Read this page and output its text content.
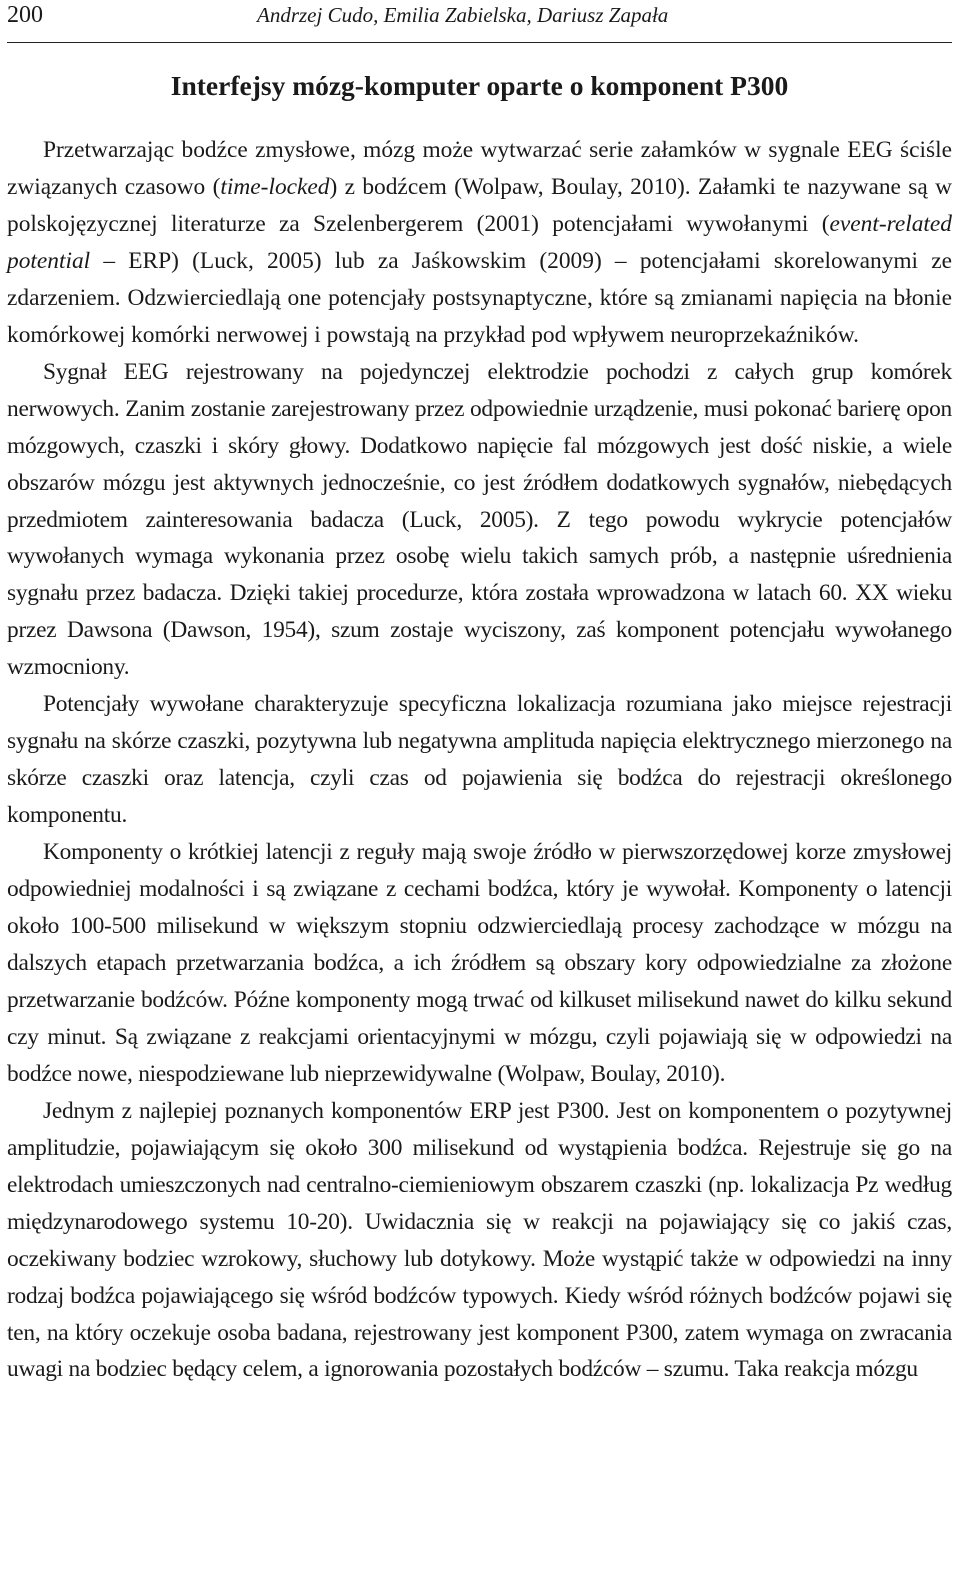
200	Andrzej Cudo, Emilia Zabielska, Dariusz Zapała
Interfejsy mózg-komputer oparte o komponent P300

Przetwarzając bodźce zmysłowe, mózg może wytwarzać serie załamków w sygnale EEG ściśle związanych czasowo (time-locked) z bodźcem (Wolpaw, Boulay, 2010). Załamki te nazywane są w polskojęzycznej literaturze za Szelenbergerem (2001) potencjałami wywołanymi (event-related potential – ERP) (Luck, 2005) lub za Jaśkowskim (2009) – potencjałami skorelowanymi ze zdarzeniem. Odzwierciedlają one potencjały postsynaptyczne, które są zmianami napięcia na błonie komórkowej komórki nerwowej i powstają na przykład pod wpływem neuroprzekaźników.

Sygnał EEG rejestrowany na pojedynczej elektrodzie pochodzi z całych grup komórek nerwowych. Zanim zostanie zarejestrowany przez odpowiednie urządzenie, musi pokonać barierę opon mózgowych, czaszki i skóry głowy. Dodatkowo napięcie fal mózgowych jest dość niskie, a wiele obszarów mózgu jest aktywnych jednocześnie, co jest źródłem dodatkowych sygnałów, niebędących przedmiotem zainteresowania badacza (Luck, 2005). Z tego powodu wykrycie potencjałów wywołanych wymaga wykonania przez osobę wielu takich samych prób, a następnie uśrednienia sygnału przez badacza. Dzięki takiej procedurze, która została wprowadzona w latach 60. XX wieku przez Dawsona (Dawson, 1954), szum zostaje wyciszony, zaś komponent potencjału wywołanego wzmocniony.

Potencjały wywołane charakteryzuje specyficzna lokalizacja rozumiana jako miejsce rejestracji sygnału na skórze czaszki, pozytywna lub negatywna amplituda napięcia elektrycznego mierzonego na skórze czaszki oraz latencja, czyli czas od pojawienia się bodźca do rejestracji określonego komponentu.

Komponenty o krótkiej latencji z reguły mają swoje źródło w pierwszorzędowej korze zmysłowej odpowiedniej modalności i są związane z cechami bodźca, który je wywołał. Komponenty o latencji około 100-500 milisekund w większym stopniu odzwierciedlają procesy zachodzące w mózgu na dalszych etapach przetwarzania bodźca, a ich źródłem są obszary kory odpowiedzialne za złożone przetwarzanie bodźców. Późne komponenty mogą trwać od kilkuset milisekund nawet do kilku sekund czy minut. Są związane z reakcjami orientacyjnymi w mózgu, czyli pojawiają się w odpowiedzi na bodźce nowe, niespodziewane lub nieprzewidywalne (Wolpaw, Boulay, 2010).

Jednym z najlepiej poznanych komponentów ERP jest P300. Jest on komponentem o pozytywnej amplitudzie, pojawiającym się około 300 milisekund od wystąpienia bodźca. Rejestruje się go na elektrodach umieszczonych nad centralno-ciemieniowym obszarem czaszki (np. lokalizacja Pz według międzynarodowego systemu 10-20). Uwidacznia się w reakcji na pojawiający się co jakiś czas, oczekiwany bodziec wzrokowy, słuchowy lub dotykowy. Może wystąpić także w odpowiedzi na inny rodzaj bodźca pojawiającego się wśród bodźców typowych. Kiedy wśród różnych bodźców pojawi się ten, na który oczekuje osoba badana, rejestrowany jest komponent P300, zatem wymaga on zwracania uwagi na bodziec będący celem, a ignorowania pozostałych bodźców – szumu. Taka reakcja mózgu
